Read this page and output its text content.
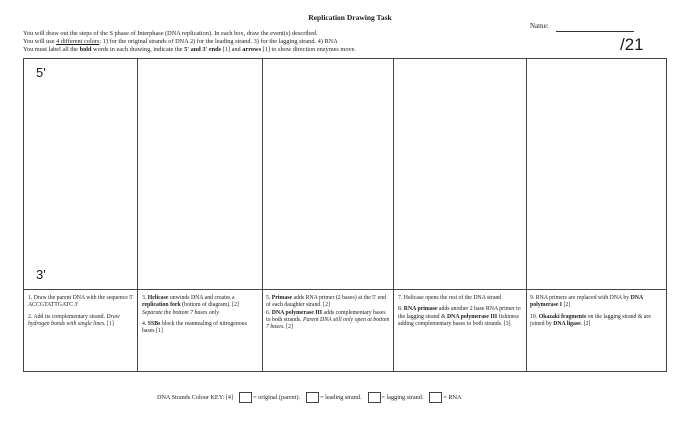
Replication Drawing Task
Name:
/21
You will draw out the steps of the S phase of Interphase (DNA replication). In each box, draw the event(s) described.
You will use 4 different colors: 1) for the original strands of DNA 2) for the leading strand. 3) for the lagging strand. 4) RNA
You must label all the bold words in each drawing, indicate the 5' and 3' ends [1] and arrows [1] to show direction enzymes move.
5'
3'

1. Draw the parent DNA with the sequence 5' ACCGTATTGATC 3'

2. Add its complementary strand. Draw hydrogen bonds with single lines. [1]

3. Helicase unwinds DNA and creates a replication fork (bottom of diagram). [2]

Separate the bottom 7 bases only.

4. SSBs block the reannealing of nitrogenous bases [1]

5. Primase adds RNA primer (2 bases) at the 5' end of each daughter strand. [2]

6. DNA polymerase III adds complementary bases to both strands. Parent DNA still only open at bottom 7 bases. [2]

7. Helicase opens the rest of the DNA strand

8. RNA primase adds another 2 base RNA primer to the lagging strand & DNA polymerase III fishiness adding complementary bases to both strands. [3]

9. RNA primers are replaced with DNA by DNA polymerase I [2]

10. Okazaki fragments on the lagging strand & are joined by DNA ligase. [2]

DNA Strands Colour KEY: [4]	= original (parent).	= leading strand.	= lagging strand.	= RNA
